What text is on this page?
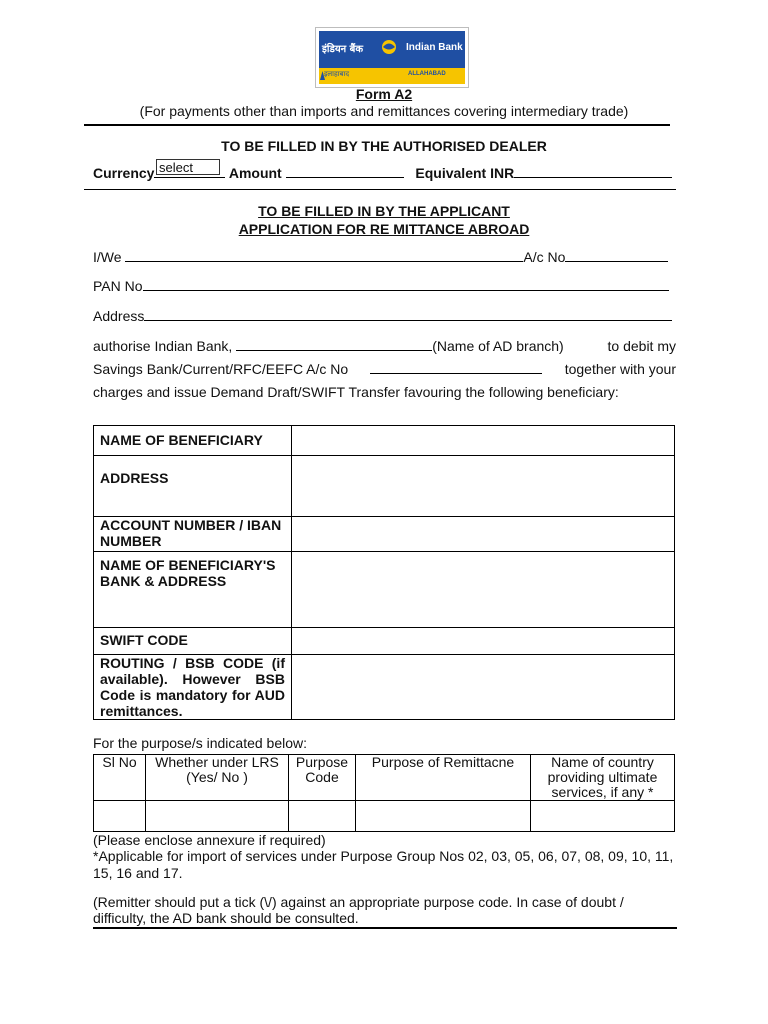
इंडियन बैंक	Indian Bank
इलाहाबाद	ALLAHABAD
Form A2
(For payments other than imports and remittances covering intermediary trade)
TO BE FILLED IN BY THE AUTHORISED DEALER
Currency	Amount	Equivalent INR
select
TO BE FILLED IN BY THE APPLICANT
APPLICATION FOR RE MITTANCE ABROAD
I/We	A/c No
PAN No
Address
authorise Indian Bank,	(Name of AD branch)	to debit my
Savings Bank/Current/RFC/EEFC A/c No	together with your
charges and issue Demand Draft/SWIFT Transfer favouring the following beneficiary:
NAME OF BENEFICIARY	
ADDRESS	
ACCOUNT NUMBER / IBAN NUMBER	
NAME OF BENEFICIARY'S BANK & ADDRESS	
SWIFT CODE	
ROUTING / BSB CODE (if available). However BSB Code is mandatory for AUD remittances.	
For the purpose/s indicated below:
Sl No	Whether under LRS (Yes/ No )	Purpose Code	Purpose of Remittacne	Name of country providing ultimate services, if any *

(Please enclose annexure if required)
*Applicable for import of services under Purpose Group Nos 02, 03, 05, 06, 07, 08, 09, 10, 11, 15, 16 and 17.
(Remitter should put a tick (\/) against an appropriate purpose code. In case of doubt / difficulty, the AD bank should be consulted.
